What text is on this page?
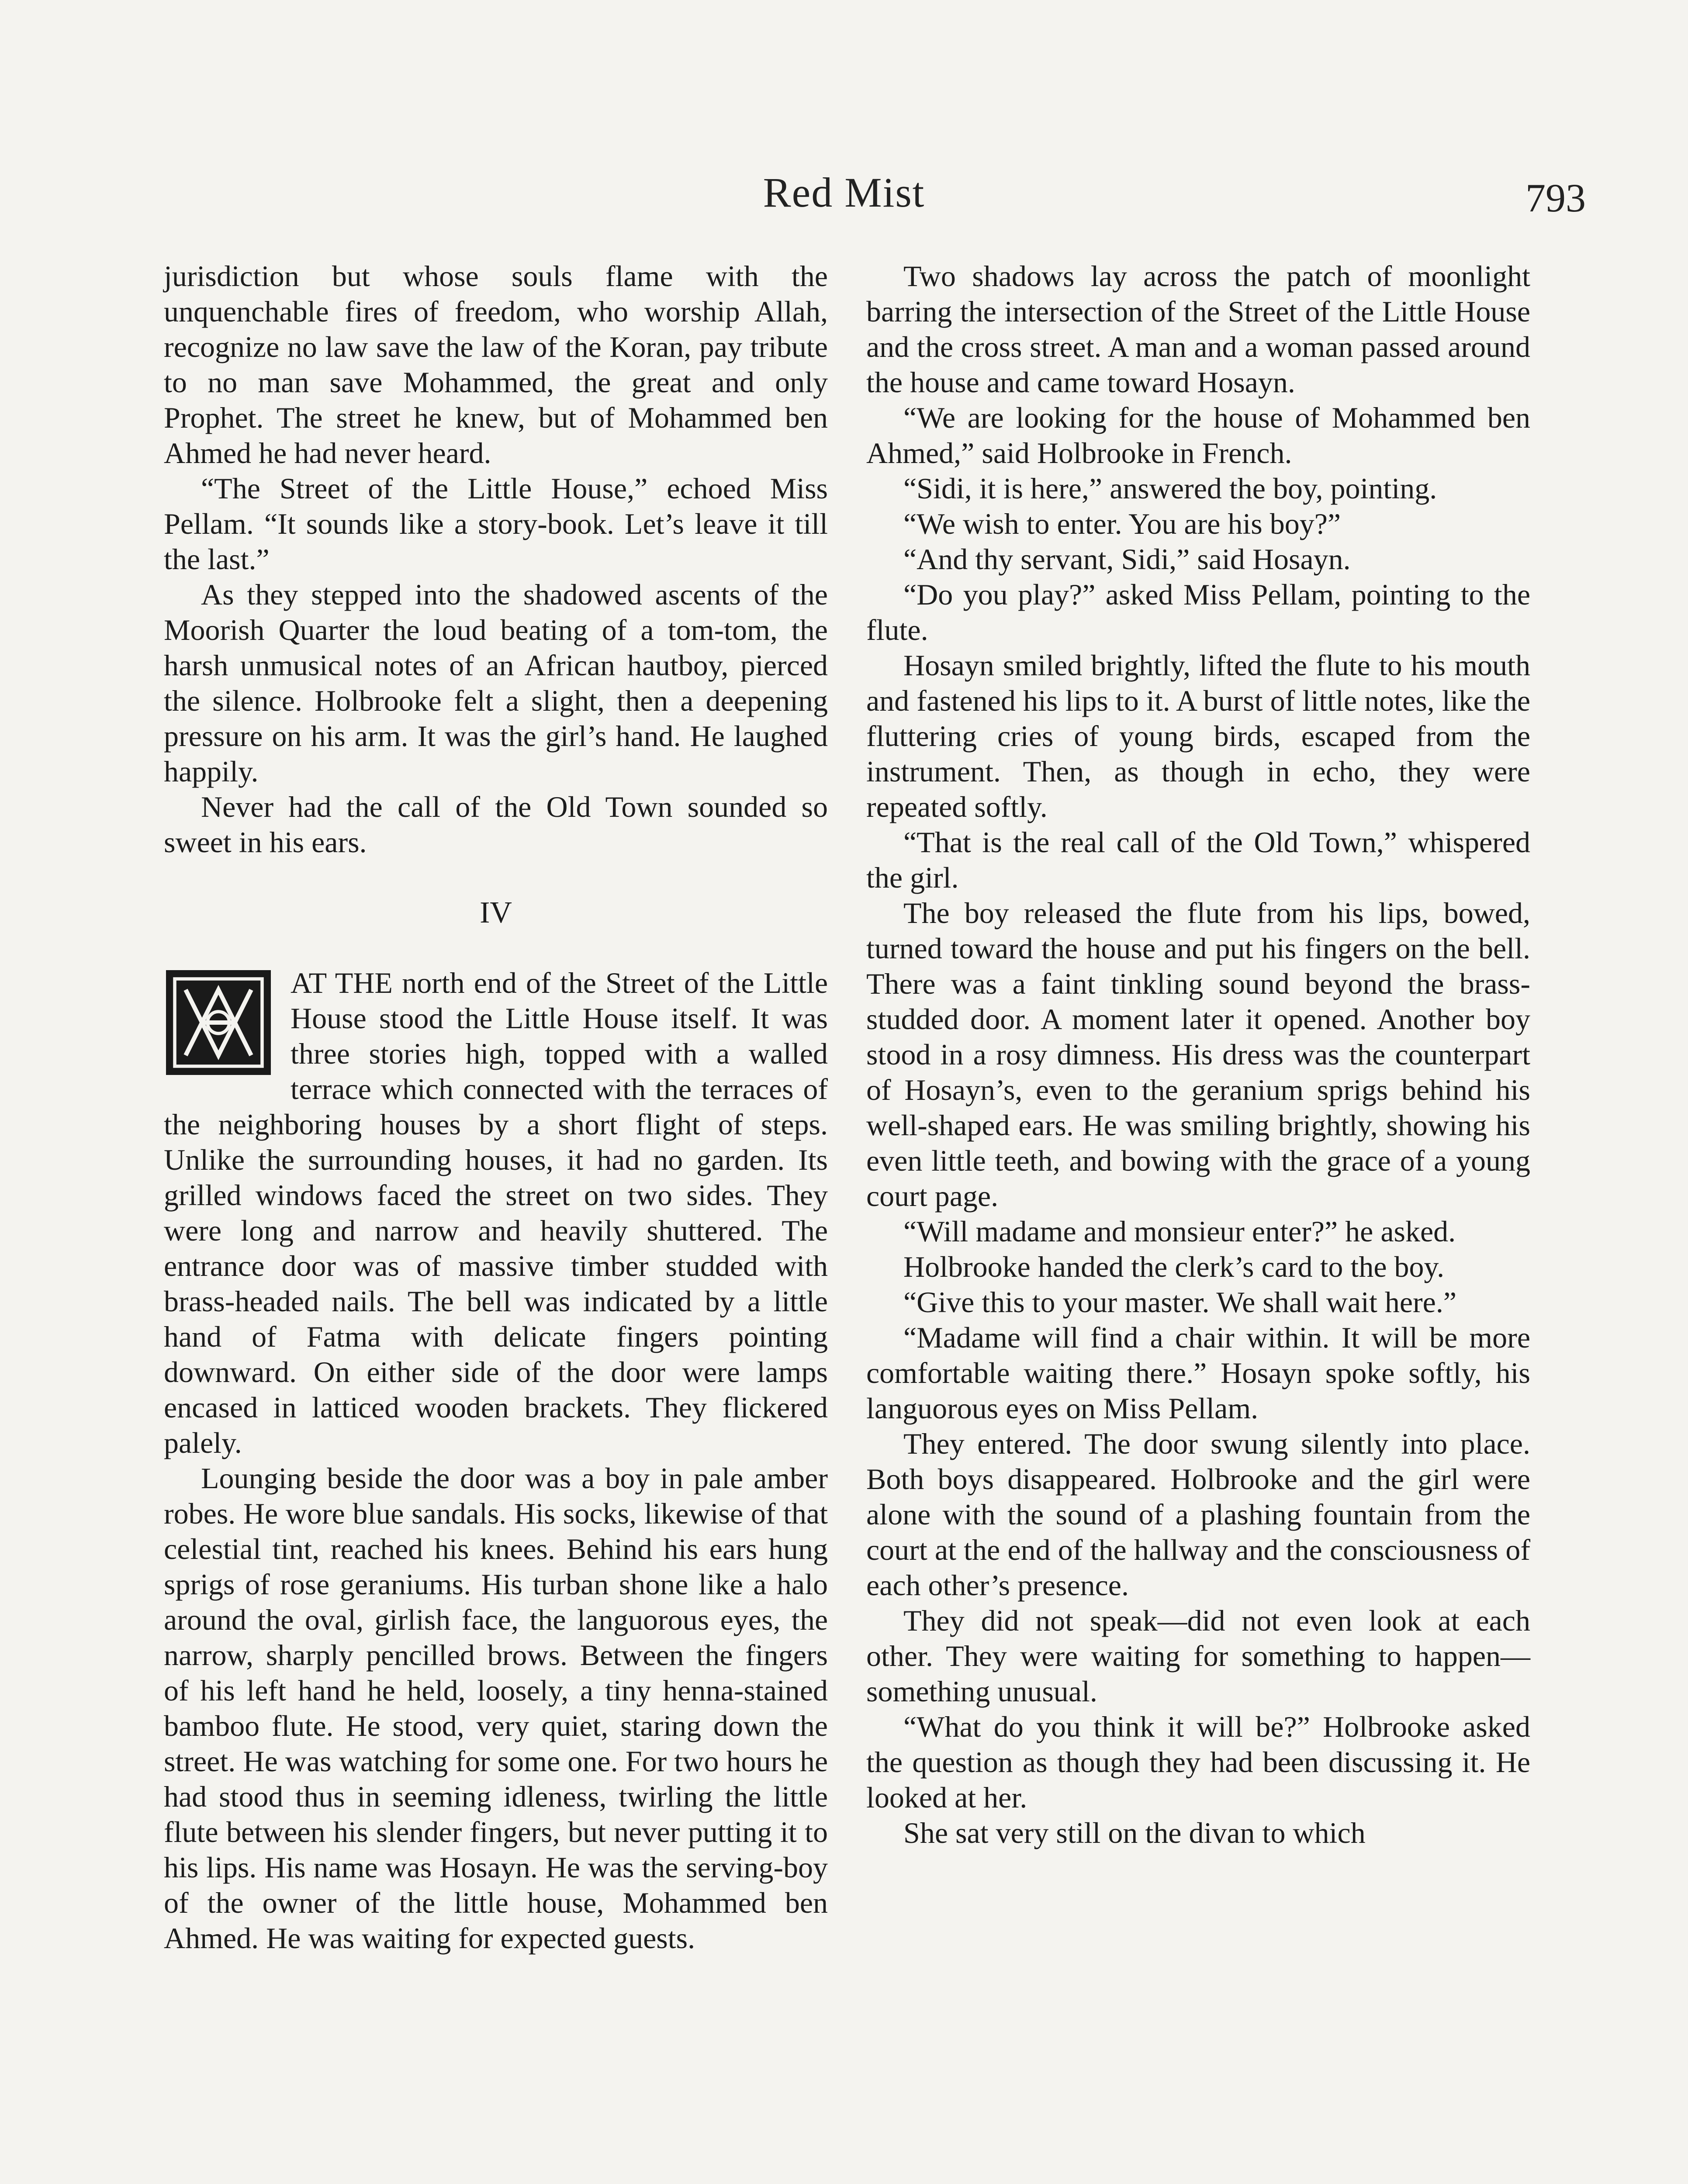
Red Mist	793

jurisdiction but whose souls flame with the unquenchable fires of freedom, who worship Allah, recognize no law save the law of the Koran, pay tribute to no man save Mohammed, the great and only Prophet. The street he knew, but of Mohammed ben Ahmed he had never heard.

“The Street of the Little House,” echoed Miss Pellam. “It sounds like a story-book. Let’s leave it till the last.”

As they stepped into the shadowed ascents of the Moorish Quarter the loud beating of a tom-tom, the harsh unmusical notes of an African hautboy, pierced the silence. Holbrooke felt a slight, then a deepening pressure on his arm. It was the girl’s hand. He laughed happily.

Never had the call of the Old Town sounded so sweet in his ears.

IV

AT THE north end of the Street of the Little House stood the Little House itself. It was three stories high, topped with a walled terrace which connected with the terraces of the neighboring houses by a short flight of steps. Unlike the surrounding houses, it had no garden. Its grilled windows faced the street on two sides. They were long and narrow and heavily shuttered. The entrance door was of massive timber studded with brass-headed nails. The bell was indicated by a little hand of Fatma with delicate fingers pointing downward. On either side of the door were lamps encased in latticed wooden brackets. They flickered palely.

Lounging beside the door was a boy in pale amber robes. He wore blue sandals. His socks, likewise of that celestial tint, reached his knees. Behind his ears hung sprigs of rose geraniums. His turban shone like a halo around the oval, girlish face, the languorous eyes, the narrow, sharply pencilled brows. Between the fingers of his left hand he held, loosely, a tiny henna-stained bamboo flute. He stood, very quiet, staring down the street. He was watching for some one. For two hours he had stood thus in seeming idleness, twirling the little flute between his slender fingers, but never putting it to his lips. His name was Hosayn. He was the serving-boy of the owner of the little house, Mohammed ben Ahmed. He was waiting for expected guests.

Two shadows lay across the patch of moonlight barring the intersection of the Street of the Little House and the cross street. A man and a woman passed around the house and came toward Hosayn.

“We are looking for the house of Mohammed ben Ahmed,” said Holbrooke in French.

“Sidi, it is here,” answered the boy, pointing.

“We wish to enter. You are his boy?”

“And thy servant, Sidi,” said Hosayn.

“Do you play?” asked Miss Pellam, pointing to the flute.

Hosayn smiled brightly, lifted the flute to his mouth and fastened his lips to it. A burst of little notes, like the fluttering cries of young birds, escaped from the instrument. Then, as though in echo, they were repeated softly.

“That is the real call of the Old Town,” whispered the girl.

The boy released the flute from his lips, bowed, turned toward the house and put his fingers on the bell. There was a faint tinkling sound beyond the brass-studded door. A moment later it opened. Another boy stood in a rosy dimness. His dress was the counterpart of Hosayn’s, even to the geranium sprigs behind his well-shaped ears. He was smiling brightly, showing his even little teeth, and bowing with the grace of a young court page.

“Will madame and monsieur enter?” he asked.

Holbrooke handed the clerk’s card to the boy.

“Give this to your master. We shall wait here.”

“Madame will find a chair within. It will be more comfortable waiting there.” Hosayn spoke softly, his languorous eyes on Miss Pellam.

They entered. The door swung silently into place. Both boys disappeared. Holbrooke and the girl were alone with the sound of a plashing fountain from the court at the end of the hallway and the consciousness of each other’s presence.

They did not speak—did not even look at each other. They were waiting for something to happen—something unusual.

“What do you think it will be?” Holbrooke asked the question as though they had been discussing it. He looked at her.

She sat very still on the divan to which
